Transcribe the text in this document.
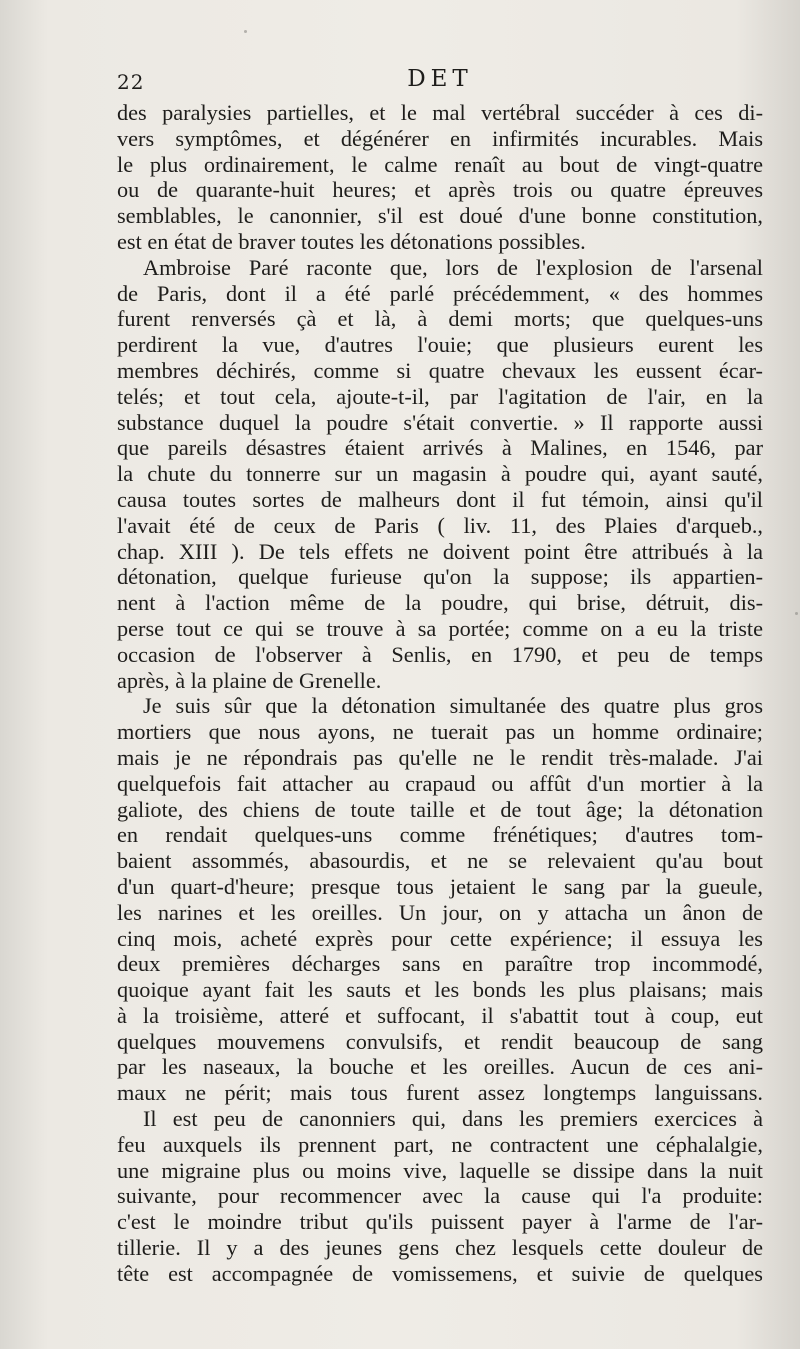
22	DET

des paralysies partielles, et le mal vertébral succéder à ces di-
vers symptômes, et dégénérer en infirmités incurables. Mais
le plus ordinairement, le calme renaît au bout de vingt-quatre
ou de quarante-huit heures; et après trois ou quatre épreuves
semblables, le canonnier, s'il est doué d'une bonne constitution,
est en état de braver toutes les détonations possibles.

Ambroise Paré raconte que, lors de l'explosion de l'arsenal
de Paris, dont il a été parlé précédemment, « des hommes
furent renversés çà et là, à demi morts; que quelques-uns
perdirent la vue, d'autres l'ouie; que plusieurs eurent les
membres déchirés, comme si quatre chevaux les eussent écar-
telés; et tout cela, ajoute-t-il, par l'agitation de l'air, en la
substance duquel la poudre s'était convertie. » Il rapporte aussi
que pareils désastres étaient arrivés à Malines, en 1546, par
la chute du tonnerre sur un magasin à poudre qui, ayant sauté,
causa toutes sortes de malheurs dont il fut témoin, ainsi qu'il
l'avait été de ceux de Paris ( liv. 11, des Plaies d'arqueb.,
chap. XIII ). De tels effets ne doivent point être attribués à la
détonation, quelque furieuse qu'on la suppose; ils appartien-
nent à l'action même de la poudre, qui brise, détruit, dis-
perse tout ce qui se trouve à sa portée; comme on a eu la triste
occasion de l'observer à Senlis, en 1790, et peu de temps
après, à la plaine de Grenelle.

Je suis sûr que la détonation simultanée des quatre plus gros
mortiers que nous ayons, ne tuerait pas un homme ordinaire;
mais je ne répondrais pas qu'elle ne le rendit très-malade. J'ai
quelquefois fait attacher au crapaud ou affût d'un mortier à la
galiote, des chiens de toute taille et de tout âge; la détonation
en rendait quelques-uns comme frénétiques; d'autres tom-
baient assommés, abasourdis, et ne se relevaient qu'au bout
d'un quart-d'heure; presque tous jetaient le sang par la gueule,
les narines et les oreilles. Un jour, on y attacha un ânon de
cinq mois, acheté exprès pour cette expérience; il essuya les
deux premières décharges sans en paraître trop incommodé,
quoique ayant fait les sauts et les bonds les plus plaisans; mais
à la troisième, atteré et suffocant, il s'abattit tout à coup, eut
quelques mouvemens convulsifs, et rendit beaucoup de sang
par les naseaux, la bouche et les oreilles. Aucun de ces ani-
maux ne périt; mais tous furent assez longtemps languissans.

Il est peu de canonniers qui, dans les premiers exercices à
feu auxquels ils prennent part, ne contractent une céphalalgie,
une migraine plus ou moins vive, laquelle se dissipe dans la nuit
suivante, pour recommencer avec la cause qui l'a produite:
c'est le moindre tribut qu'ils puissent payer à l'arme de l'ar-
tillerie. Il y a des jeunes gens chez lesquels cette douleur de
tête est accompagnée de vomissemens, et suivie de quelques
